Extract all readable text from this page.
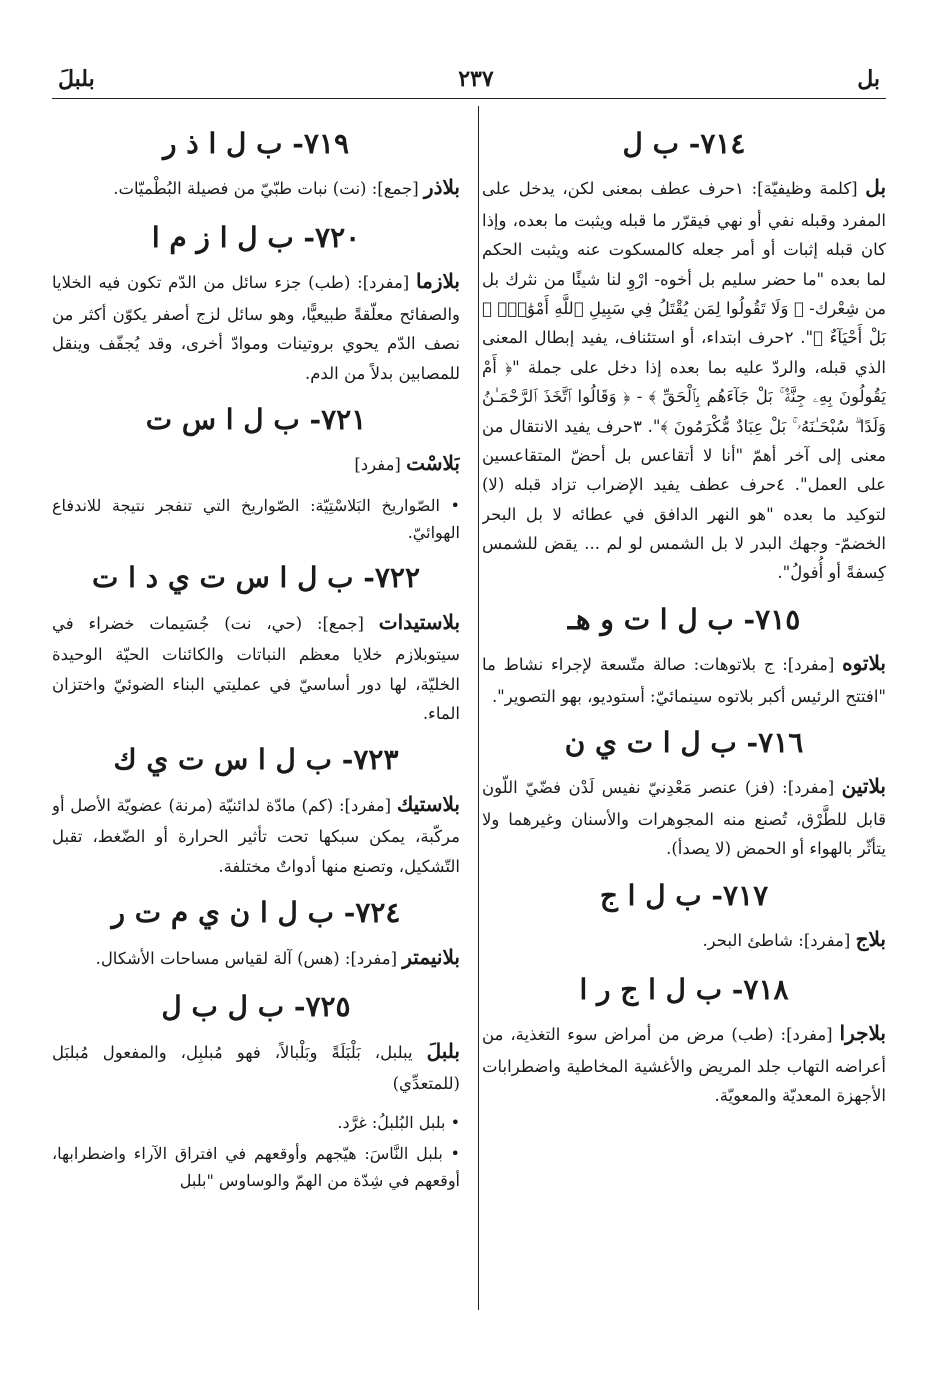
بل
٢٣٧
بلبلَ
٧١٤- ب ل

بل [كلمة وظيفيّة]: ١حرف عطف بمعنى لكن، يدخل على المفرد وقبله نفي أو نهي فيقرّر ما قبله ويثبت ما بعده، وإذا كان قبله إثبات أو أمر جعله كالمسكوت عنه ويثبت الحكم لما بعده "ما حضر سليم بل أخوه- ارْوِ لنا شيئًا من نثرك بل من شِعْرك- ﴿ وَلَا تَقُولُوا لِمَن يُقْتَلُ فِي سَبِيلِ ٱللَّهِ أَمْوَٰتٌۢ ۚ بَلْ أَحْيَآءٌ ﴾". ٢حرف ابتداء، أو استئناف، يفيد إبطال المعنى الذي قبله، والردّ عليه بما بعده إذا دخل على جملة "﴿ أَمْ يَقُولُونَ بِهِۦ جِنَّةٌۢ ۚ بَلْ جَآءَهُم بِٱلْحَقِّ ﴾ - ﴿ وَقَالُوا ٱتَّخَذَ ٱلرَّحْمَـٰنُ وَلَدًا ۗ سُبْحَـٰنَهُۥ ۚ بَلْ عِبَادٌ مُّكْرَمُونَ ﴾". ٣حرف يفيد الانتقال من معنى إلى آخر أهمّ "أنا لا أتقاعس بل أحضّ المتقاعسين على العمل". ٤حرف عطف يفيد الإضراب تزاد قبله (لا) لتوكيد ما بعده "هو النهر الدافق في عطائه لا بل البحر الخضمّ- وجهك البدر لا بل الشمس لو لم ... يقض للشمس كِسفةً أو أُفولُ".

٧١٥- ب ل ا ت و هـ

بلاتوه [مفرد]: ج بلاتوهات: صالة متّسعة لإجراء نشاط ما "افتتح الرئيس أكبر بلاتوه سينمائيّ: أستوديو، بهو التصوير".

٧١٦- ب ل ا ت ي ن

بلاتين [مفرد]: (فز) عنصر مَعْدِنيّ نفيس لَدْن فضّيّ اللّون قابل للطَّرْق، تُصنع منه المجوهرات والأسنان وغيرهما ولا يتأثّر بالهواء أو الحمض (لا يصدأ).

٧١٧- ب ل ا ج

بلاج [مفرد]: شاطئ البحر.

٧١٨- ب ل ا ج ر ا

بلاجرا [مفرد]: (طب) مرض من أمراض سوء التغذية، من أعراضه التهاب جلد المريض والأغشية المخاطية واضطرابات الأجهزة المعديّة والمعويّة.

٧١٩- ب ل ا ذ ر

بلاذر [جمع]: (نت) نبات طبّيّ من فصيلة البُطْميّات.

٧٢٠- ب ل ا ز م ا

بلازما [مفرد]: (طب) جزء سائل من الدّم تكون فيه الخلايا والصفائح معلّقةً طبيعيًّا، وهو سائل لزج أصفر يكوّن أكثر من نصف الدّم يحوي بروتينات وموادّ أخرى، وقد يُجفّف وينقل للمصابين بدلاً من الدم.

٧٢١- ب ل ا س ت

بَلاسْت [مفرد]

• الصّواريخ البَلاسْتِيّة: الصّواريخ التي تنفجر نتيجة للاندفاع الهوائيّ.

٧٢٢- ب ل ا س ت ي د ا ت

بلاستيدات [جمع]: (حي، نت) جُسَيمات خضراء في سيتوبلازم خلايا معظم النباتات والكائنات الحيّة الوحيدة الخليّة، لها دور أساسيّ في عمليتي البناء الضوئيّ واختزان الماء.

٧٢٣- ب ل ا س ت ي ك

بلاستيك [مفرد]: (كم) مادّة لدائنيّة (مرنة) عضويّة الأصل أو مركّبة، يمكن سبكها تحت تأثير الحرارة أو الضّغط، تقبل التّشكيل، وتصنع منها أدواتٌ مختلفة.

٧٢٤- ب ل ا ن ي م ت ر

بلانيمتر [مفرد]: (هس) آلة لقياس مساحات الأشكال.

٧٢٥- ب ل ب ل

بلبلَ يبلبل، بَلْبَلَةً وبَلْبالاً، فهو مُبلبِل، والمفعول مُبلبَل (للمتعدِّي)

• بلبل البُلبلُ: غرَّد.

• بلبل النَّاسَ: هيّجهم وأوقعهم في افتراق الآراء واضطرابها، أوقعهم في شِدّة من الهمّ والوساوس "بلبل
